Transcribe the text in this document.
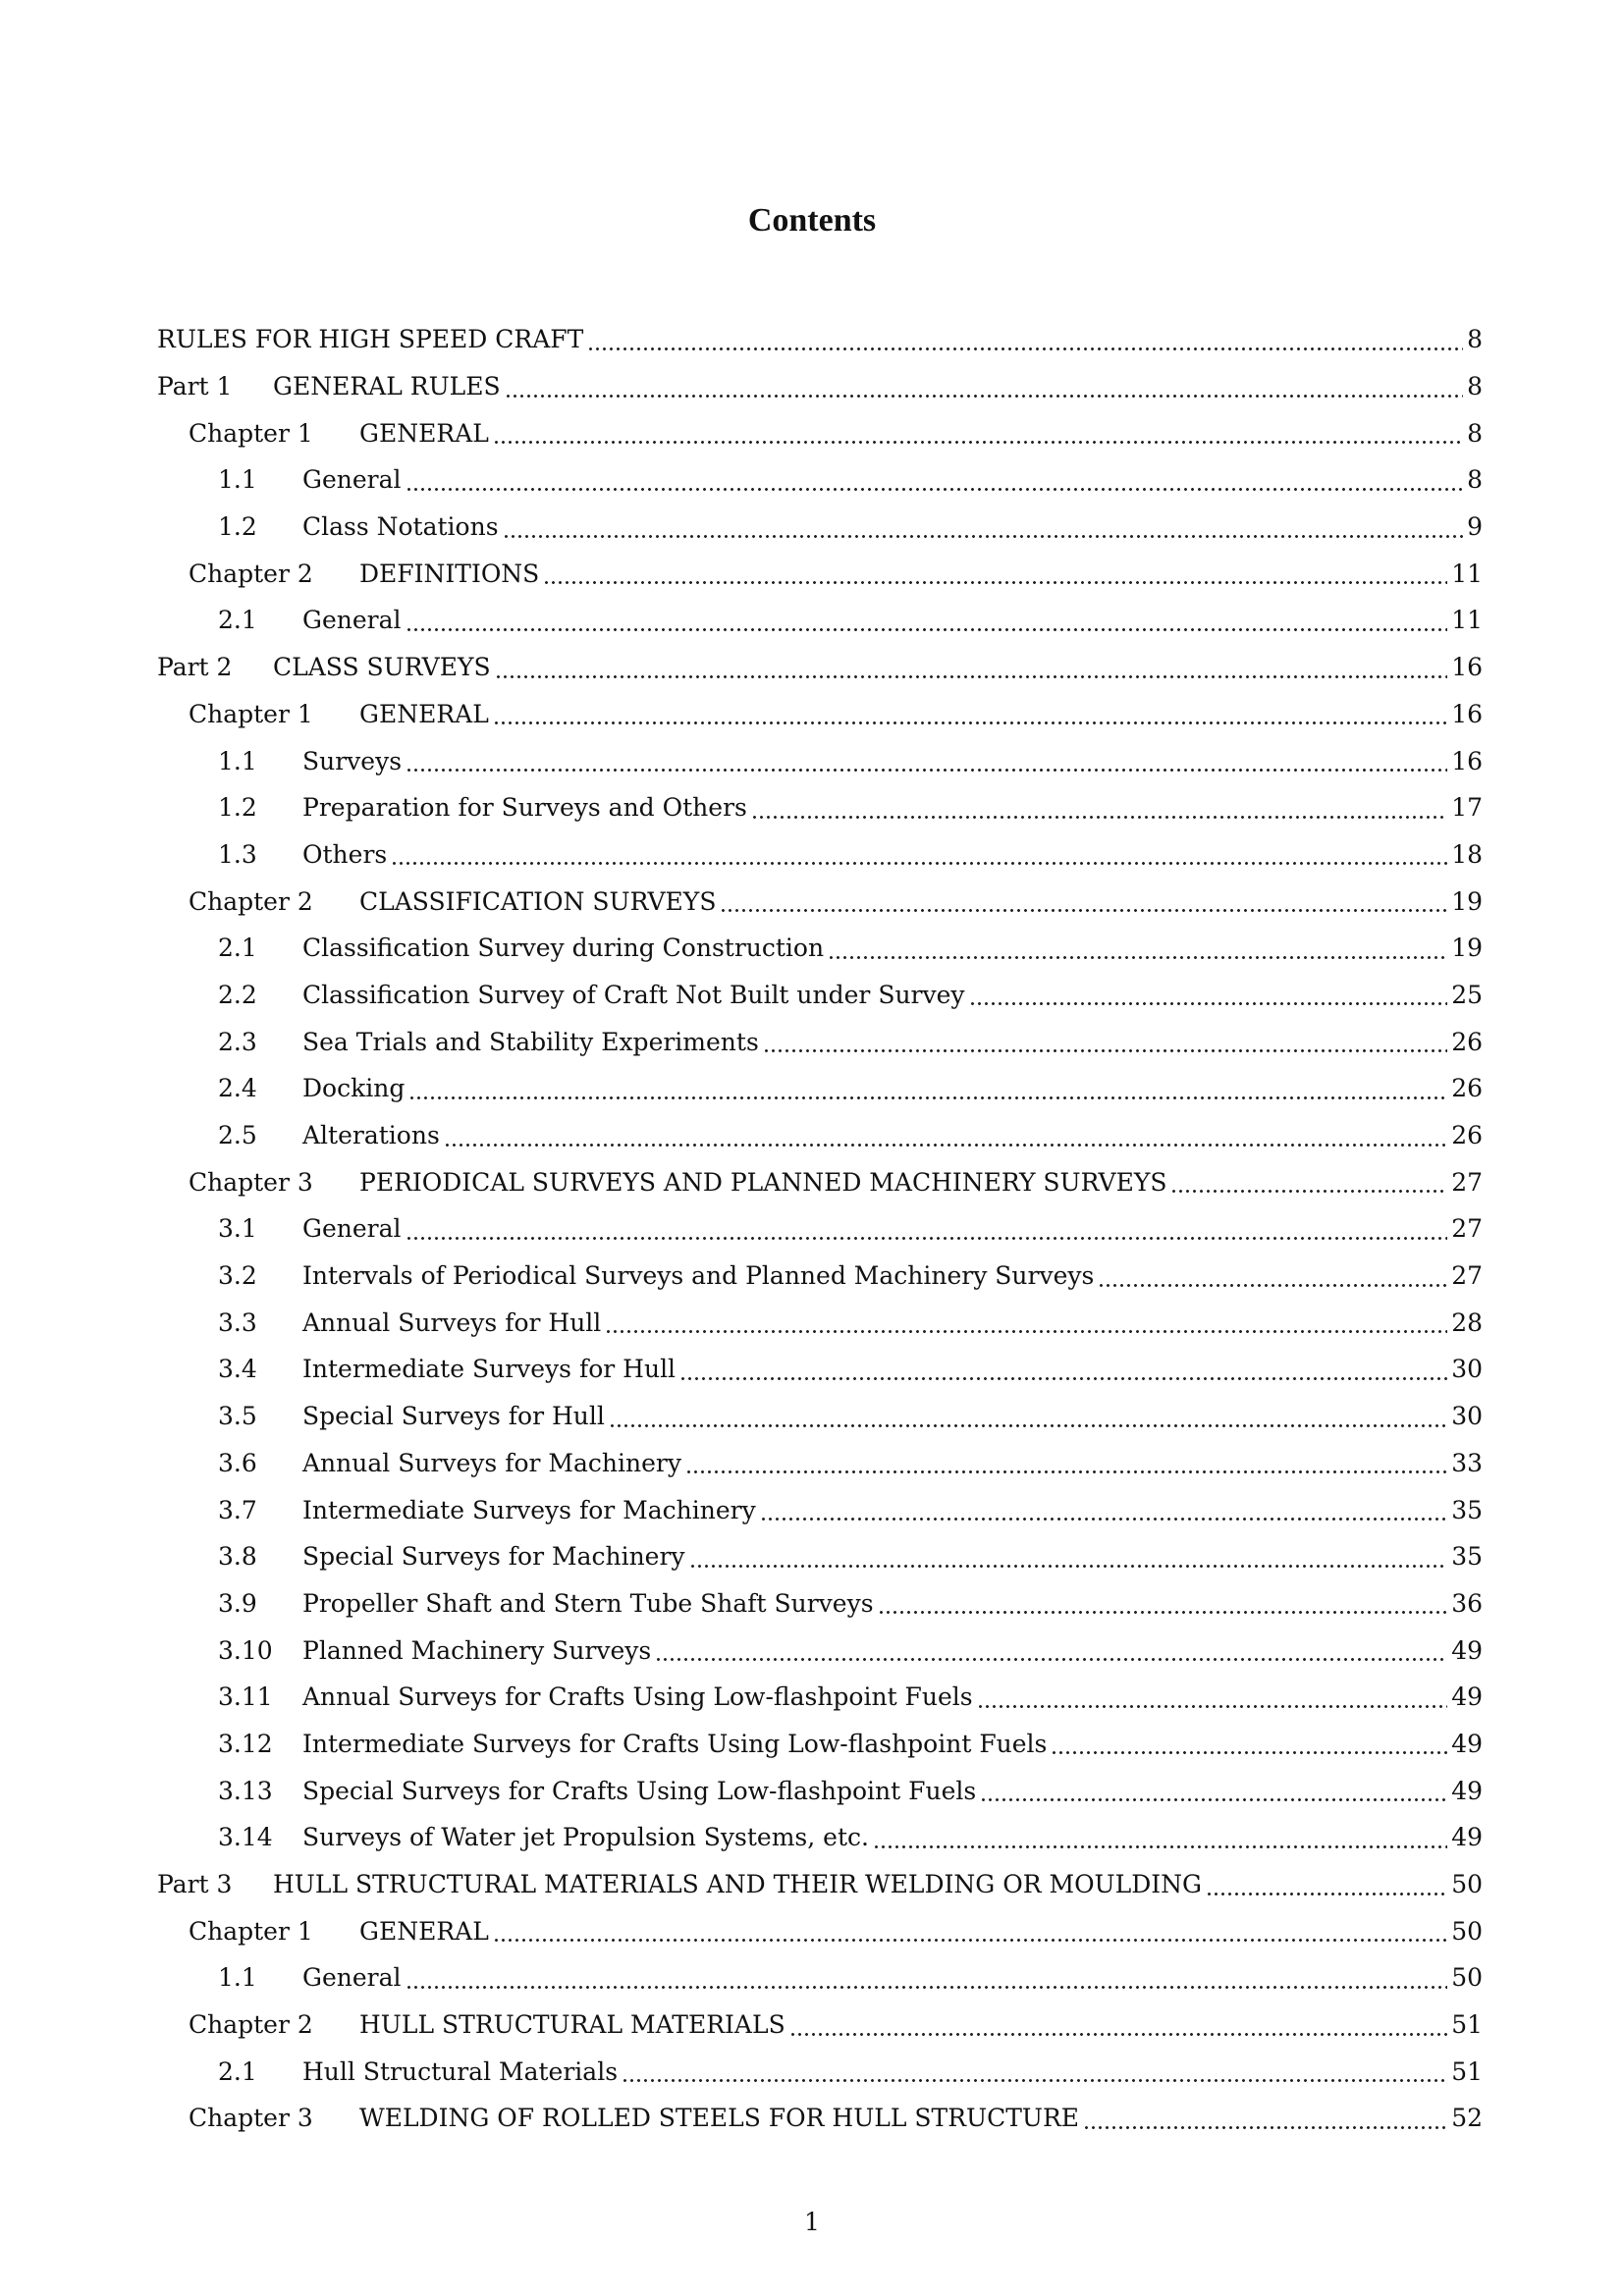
Contents
RULES FOR HIGH SPEED CRAFT	8
Part 1	GENERAL RULES	8
Chapter 1	GENERAL	8
1.1	General	8
1.2	Class Notations	9
Chapter 2	DEFINITIONS	11
2.1	General	11
Part 2	CLASS SURVEYS	16
Chapter 1	GENERAL	16
1.1	Surveys	16
1.2	Preparation for Surveys and Others	17
1.3	Others	18
Chapter 2	CLASSIFICATION SURVEYS	19
2.1	Classification Survey during Construction	19
2.2	Classification Survey of Craft Not Built under Survey	25
2.3	Sea Trials and Stability Experiments	26
2.4	Docking	26
2.5	Alterations	26
Chapter 3	PERIODICAL SURVEYS AND PLANNED MACHINERY SURVEYS	27
3.1	General	27
3.2	Intervals of Periodical Surveys and Planned Machinery Surveys	27
3.3	Annual Surveys for Hull	28
3.4	Intermediate Surveys for Hull	30
3.5	Special Surveys for Hull	30
3.6	Annual Surveys for Machinery	33
3.7	Intermediate Surveys for Machinery	35
3.8	Special Surveys for Machinery	35
3.9	Propeller Shaft and Stern Tube Shaft Surveys	36
3.10	Planned Machinery Surveys	49
3.11	Annual Surveys for Crafts Using Low-flashpoint Fuels	49
3.12	Intermediate Surveys for Crafts Using Low-flashpoint Fuels	49
3.13	Special Surveys for Crafts Using Low-flashpoint Fuels	49
3.14	Surveys of Water jet Propulsion Systems, etc.	49
Part 3	HULL STRUCTURAL MATERIALS AND THEIR WELDING OR MOULDING	50
Chapter 1	GENERAL	50
1.1	General	50
Chapter 2	HULL STRUCTURAL MATERIALS	51
2.1	Hull Structural Materials	51
Chapter 3	WELDING OF ROLLED STEELS FOR HULL STRUCTURE	52
1
